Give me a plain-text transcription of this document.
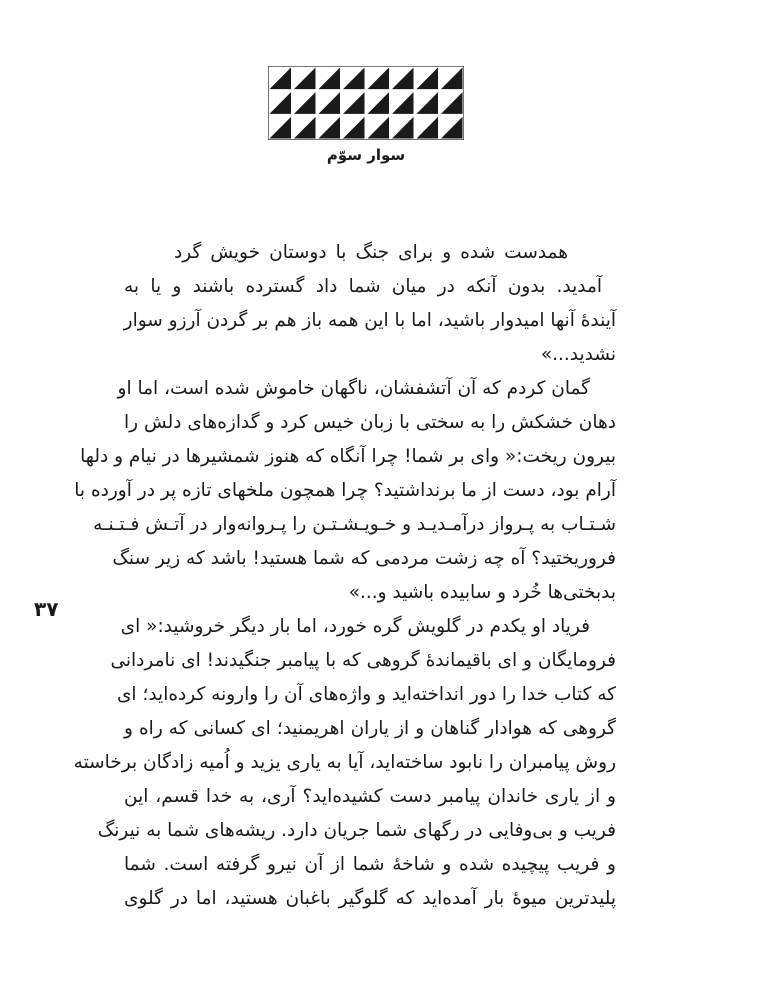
سوار سوّم
۳۷
همدست شده و برای جنگ با دوستان خویش گرد
آمدید. بدون آنکه در میان شما داد گسترده باشند و یا به
آیندۀ آنها امیدوار باشید، اما با این همه باز هم بر گردن آرزو سوار
نشدید...»
گمان کردم که آن آتشفشان، ناگهان خاموش شده است، اما او
دهان خشکش را به سختی با زبان خیس کرد و گدازه‌های دلش را
بیرون ریخت:« وای بر شما! چرا آنگاه که هنوز شمشیرها در نیام و دلها
آرام بود، دست از ما برنداشتید؟ چرا همچون ملخهای تازه پر در آورده با
شـتـاب به پـرواز درآمـدیـد و خـویـشـتـن را پـروانه‌وار در آتـش فـتـنـه
فروریختید؟ آه چه زشت مردمی که شما هستید! باشد که زیر سنگ
بدبختی‌ها خُرد و سابیده باشید و...»
فریاد او یکدم در گلویش گره خورد، اما بار دیگر خروشید:« ای
فرومایگان و ای باقیماندۀ گروهی که با پیامبر جنگیدند! ای نامردانی
که کتاب خدا را دور انداخته‌اید و واژه‌های آن را وارونه کرده‌اید؛ ای
گروهی که هوادار گناهان و از یاران اهریمنید؛ ای کسانی که راه و
روش پیامبران را نابود ساخته‌اید، آیا به یاری یزید و اُمیه زادگان برخاسته
و از یاری خاندان پیامبر دست کشیده‌اید؟ آری، به خدا قسم، این
فریب و بی‌وفایی در رگهای شما جریان دارد. ریشه‌های شما به نیرنگ
و فریب پیچیده شده و شاخۀ شما از آن نیرو گرفته است. شما
پلیدترین میوۀ بار آمده‌اید که گلوگیر باغبان هستید، اما در گلوی
